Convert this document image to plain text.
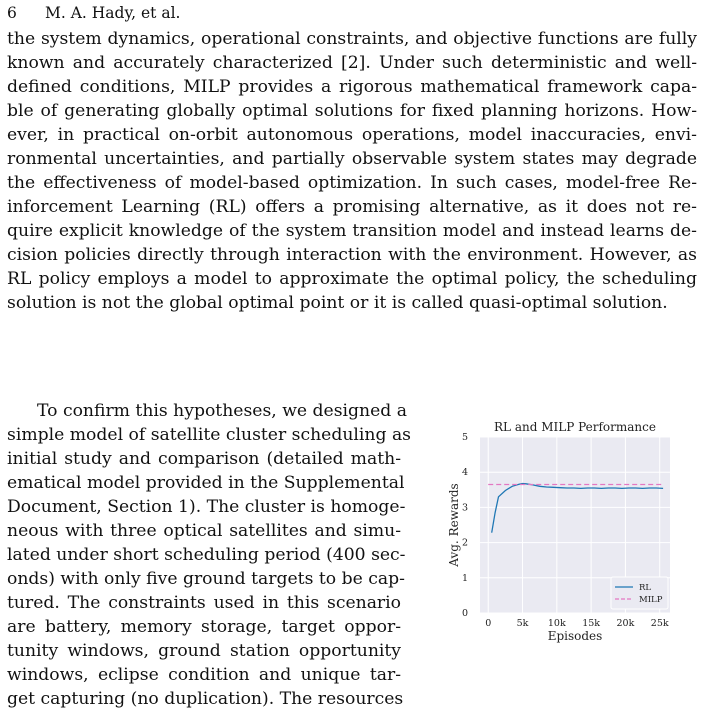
6 M. A. Hady, et al.
the system dynamics, operational constraints, and objective functions are fully
known and accurately characterized [2]. Under such deterministic and well-
defined conditions, MILP provides a rigorous mathematical framework capa-
ble of generating globally optimal solutions for fixed planning horizons. How-
ever, in practical on-orbit autonomous operations, model inaccuracies, envi-
ronmental uncertainties, and partially observable system states may degrade
the effectiveness of model-based optimization. In such cases, model-free Re-
inforcement Learning (RL) offers a promising alternative, as it does not re-
quire explicit knowledge of the system transition model and instead learns de-
cision policies directly through interaction with the environment. However, as
RL policy employs a model to approximate the optimal policy, the scheduling
solution is not the global optimal point or it is called quasi-optimal solution.
To confirm this hypotheses, we designed a
simple model of satellite cluster scheduling as
initial study and comparison (detailed math-
ematical model provided in the Supplemental
Document, Section 1). The cluster is homoge-
neous with three optical satellites and simu-
lated under short scheduling period (400 sec-
onds) with only five ground targets to be cap-
tured. The constraints used in this scenario
are battery, memory storage, target oppor-
tunity windows, ground station opportunity
windows, eclipse condition and unique tar-
get capturing (no duplication). The resources
0	5k 10k 15k 20k 25k
0
1
2
3
4
5
RL and MILP Performance
Episodes
Avg. Rewards
RL
MILP
